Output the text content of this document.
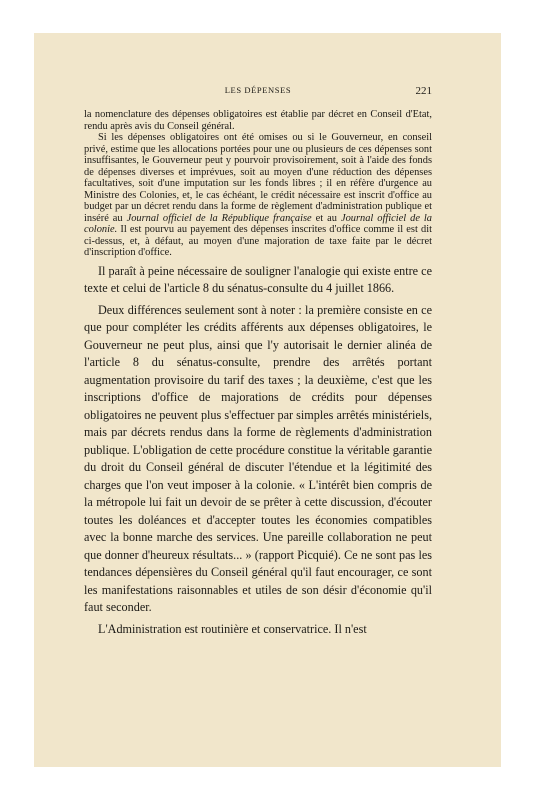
LES DÉPENSES	221

la nomenclature des dépenses obligatoires est établie par décret en Conseil d'Etat, rendu après avis du Conseil général.

Si les dépenses obligatoires ont été omises ou si le Gouverneur, en conseil privé, estime que les allocations portées pour une ou plusieurs de ces dépenses sont insuffisantes, le Gouverneur peut y pourvoir provisoirement, soit à l'aide des fonds de dépenses diverses et imprévues, soit au moyen d'une réduction des dépenses facultatives, soit d'une imputation sur les fonds libres ; il en réfère d'urgence au Ministre des Colonies, et, le cas échéant, le crédit nécessaire est inscrit d'office au budget par un décret rendu dans la forme de règlement d'administration publique et inséré au Journal officiel de la République française et au Journal officiel de la colonie. Il est pourvu au payement des dépenses inscrites d'office comme il est dit ci-dessus, et, à défaut, au moyen d'une majoration de taxe faite par le décret d'inscription d'office.

Il paraît à peine nécessaire de souligner l'analogie qui existe entre ce texte et celui de l'article 8 du sénatus-consulte du 4 juillet 1866.

Deux différences seulement sont à noter : la première consiste en ce que pour compléter les crédits afférents aux dépenses obligatoires, le Gouverneur ne peut plus, ainsi que l'y autorisait le dernier alinéa de l'article 8 du sénatus-consulte, prendre des arrêtés portant augmentation provisoire du tarif des taxes ; la deuxième, c'est que les inscriptions d'office de majorations de crédits pour dépenses obligatoires ne peuvent plus s'effectuer par simples arrêtés ministériels, mais par décrets rendus dans la forme de règlements d'administration publique. L'obligation de cette procédure constitue la véritable garantie du droit du Conseil général de discuter l'étendue et la légitimité des charges que l'on veut imposer à la colonie. « L'intérêt bien compris de la métropole lui fait un devoir de se prêter à cette discussion, d'écouter toutes les doléances et d'accepter toutes les économies compatibles avec la bonne marche des services. Une pareille collaboration ne peut que donner d'heureux résultats... » (rapport Picquié). Ce ne sont pas les tendances dépensières du Conseil général qu'il faut encourager, ce sont les manifestations raisonnables et utiles de son désir d'économie qu'il faut seconder.

L'Administration est routinière et conservatrice. Il n'est
